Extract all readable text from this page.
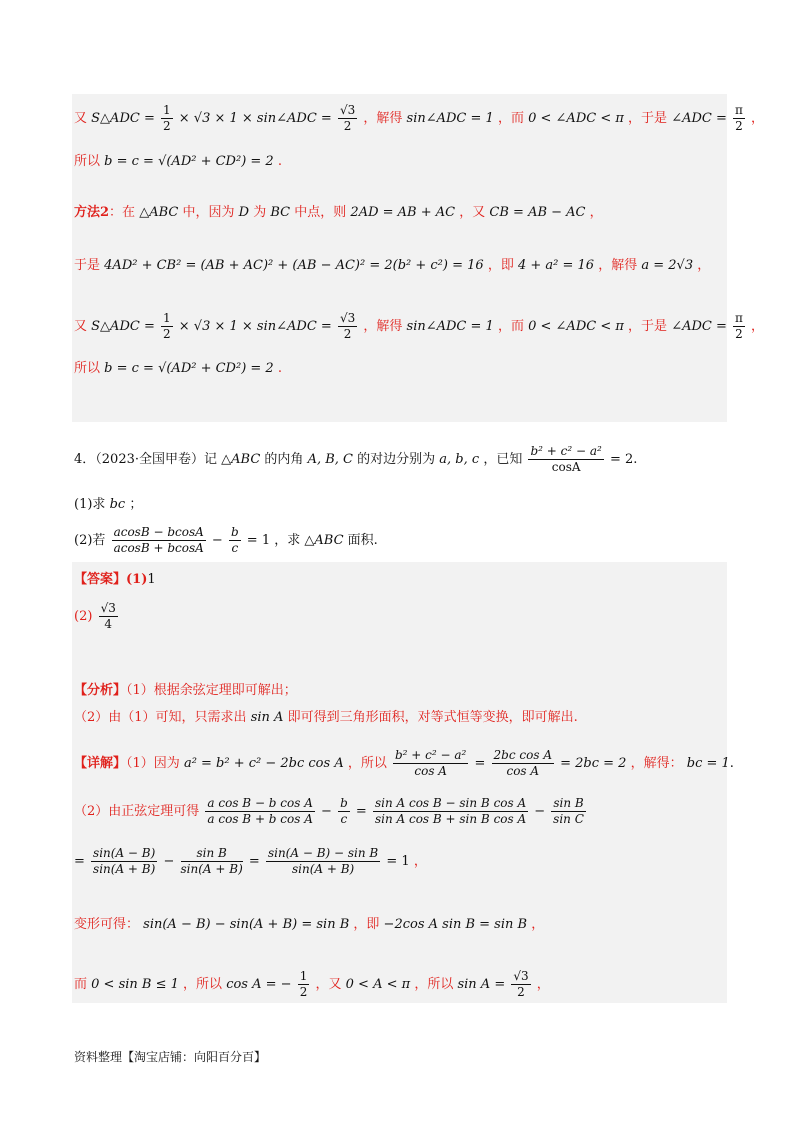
又 S△ADC = $\frac{1}{2} \times √3 \times 1$ × sin∠ADC = $\frac{√3}{2}$ ，解得 sin∠ADC = 1 ，而 0 < ∠ADC < π ，于是 ∠ADC = $\frac{\pi}{2}$ ，
所以 b = c = √(AD² + CD²) = 2 .
方法2：在 △ABC 中，因为 D 为 BC 中点，则 2AD = AB + AC ，又 CB = AB − AC ，
于是 4AD² + CB² = (AB + AC)² + (AB − AC)² = 2(b² + c²) = 16 ，即 4 + a² = 16 ，解得 a = 2√3 ，
又 S△ADC = $\frac{1}{2} \times √3 \times 1$ × sin∠ADC = $\frac{√3}{2}$ ，解得 sin∠ADC = 1 ，而 0 < ∠ADC < π ，于是 ∠ADC = $\frac{\pi}{2}$ ，
所以 b = c = √(AD² + CD²) = 2 .
4．（2023·全国甲卷）记 △ABC 的内角 A, B, C 的对边分别为 a, b, c ，已知 $\frac{\text{b² + c² − a²}}{\cos A} = 2$.
(1)求 bc ；
(2)若 $\frac{acosB - bcosA}{acosB + bcosA} - \frac{b}{c} = 1$ ，求 △ABC 面积.
【答案】(1)1
$(2) \frac{√3}{4}$
【分析】（1）根据余弦定理即可解出；
（2）由（1）可知，只需求出 sin A 即可得到三角形面积，对等式恒等变换，即可解出.
【详解】（1）因为 a² = b² + c² − 2bc cos A ，所以 $\frac{\text{b² + c² − a²}}{\text{cos A}} = \frac{\text{2bc cos A}}{\text{cos A}} = 2bc = 2$ ，解得： bc = 1.
（2）由正弦定理可得 $\frac{\text{a cos B − b cos A}}{\text{a cos B + b cos A}} - \frac{b}{c} = \frac{\text{sin A cos B − sin B cos A}}{\text{sin A cos B + sin B cos A}} - \frac{\text{sin B}}{\text{sin C}}$
= $\frac{\sin(A - B)}{\sin(A + B)} - \frac{\text{sin B}}{\sin(A + B)} = \frac{\text{sin(A − B) − sin B}}{\sin(A + B)} = 1$ ，
变形可得： sin(A − B) − sin(A + B) = sin B ，即 −2cos A sin B = sin B ，
而 0 < sin B ≤ 1 ，所以 cos A = − $\frac{1}{2}$ ，又 0 < A < π ，所以 $\sin A = \frac{√3}{2}$ ，
资料整理【淘宝店铺：向阳百分百】
